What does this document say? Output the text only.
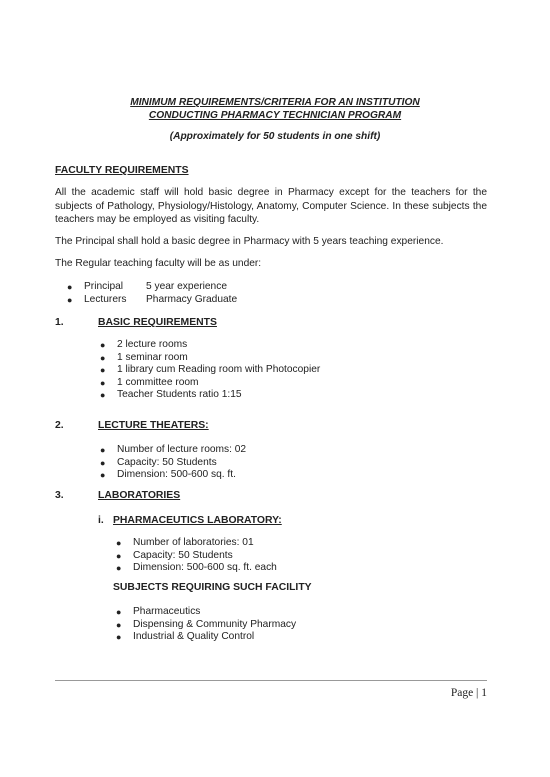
MINIMUM REQUIREMENTS/CRITERIA FOR AN INSTITUTION
CONDUCTING PHARMACY TECHNICIAN PROGRAM
(Approximately for 50 students in one shift)
FACULTY REQUIREMENTS
All the academic staff will hold basic degree in Pharmacy except for the teachers for the subjects of Pathology, Physiology/Histology, Anatomy, Computer Science. In these subjects the teachers may be employed as visiting faculty.
The Principal shall hold a basic degree in Pharmacy with 5 years teaching experience.
The Regular teaching faculty will be as under:
● Principal 5 year experience
● Lecturers Pharmacy Graduate
1.	BASIC REQUIREMENTS
● 2 lecture rooms
● 1 seminar room
● 1 library cum Reading room with Photocopier
● 1 committee room
● Teacher Students ratio 1:15
2.	LECTURE THEATERS:
● Number of lecture rooms: 02
● Capacity: 50 Students
● Dimension: 500-600 sq. ft.
3.	LABORATORIES
i. PHARMACEUTICS LABORATORY:
● Number of laboratories: 01
● Capacity: 50 Students
● Dimension: 500-600 sq. ft. each
SUBJECTS REQUIRING SUCH FACILITY
● Pharmaceutics
● Dispensing & Community Pharmacy
● Industrial & Quality Control
Page | 1
